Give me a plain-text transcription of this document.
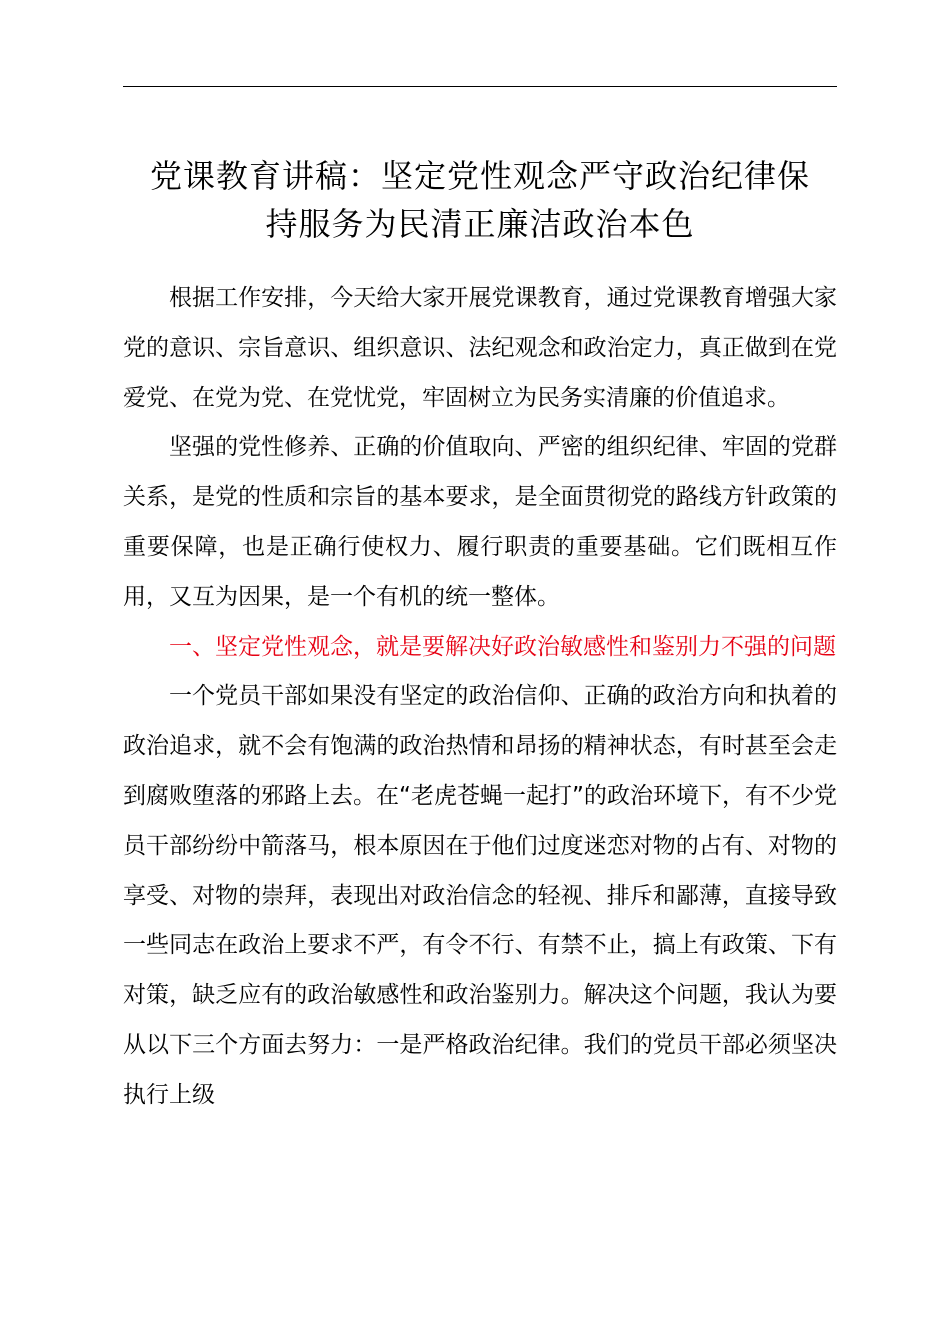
党课教育讲稿：坚定党性观念严守政治纪律保
持服务为民清正廉洁政治本色

根据工作安排，今天给大家开展党课教育，通过党课教育增强大家党的意识、宗旨意识、组织意识、法纪观念和政治定力，真正做到在党爱党、在党为党、在党忧党，牢固树立为民务实清廉的价值追求。

坚强的党性修养、正确的价值取向、严密的组织纪律、牢固的党群关系，是党的性质和宗旨的基本要求，是全面贯彻党的路线方针政策的重要保障，也是正确行使权力、履行职责的重要基础。它们既相互作用，又互为因果，是一个有机的统一整体。

一、坚定党性观念，就是要解决好政治敏感性和鉴别力不强的问题

一个党员干部如果没有坚定的政治信仰、正确的政治方向和执着的政治追求，就不会有饱满的政治热情和昂扬的精神状态，有时甚至会走到腐败堕落的邪路上去。在“老虎苍蝇一起打”的政治环境下，有不少党员干部纷纷中箭落马，根本原因在于他们过度迷恋对物的占有、对物的享受、对物的崇拜，表现出对政治信念的轻视、排斥和鄙薄，直接导致一些同志在政治上要求不严，有令不行、有禁不止，搞上有政策、下有对策，缺乏应有的政治敏感性和政治鉴别力。解决这个问题，我认为要从以下三个方面去努力：一是严格政治纪律。我们的党员干部必须坚决执行上级
